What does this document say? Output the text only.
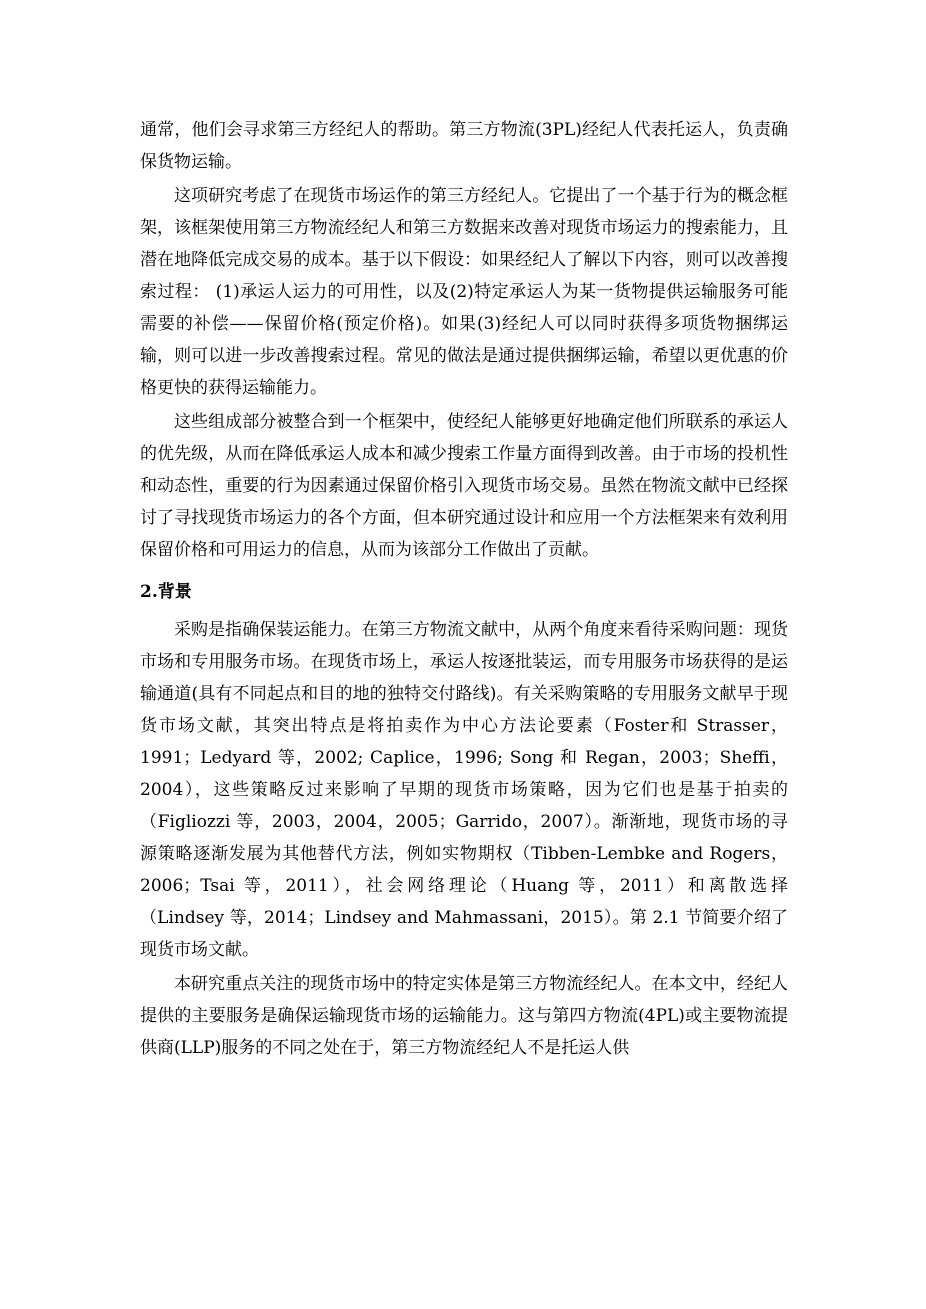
通常，他们会寻求第三方经纪人的帮助。第三方物流(3PL)经纪人代表托运人，负责确保货物运输。

这项研究考虑了在现货市场运作的第三方经纪人。它提出了一个基于行为的概念框架，该框架使用第三方物流经纪人和第三方数据来改善对现货市场运力的搜索能力，且潜在地降低完成交易的成本。基于以下假设：如果经纪人了解以下内容，则可以改善搜索过程： (1)承运人运力的可用性，以及(2)特定承运人为某一货物提供运输服务可能需要的补偿——保留价格(预定价格)。如果(3)经纪人可以同时获得多项货物捆绑运输，则可以进一步改善搜索过程。常见的做法是通过提供捆绑运输，希望以更优惠的价格更快的获得运输能力。

这些组成部分被整合到一个框架中，使经纪人能够更好地确定他们所联系的承运人的优先级，从而在降低承运人成本和减少搜索工作量方面得到改善。由于市场的投机性和动态性，重要的行为因素通过保留价格引入现货市场交易。虽然在物流文献中已经探讨了寻找现货市场运力的各个方面，但本研究通过设计和应用一个方法框架来有效利用保留价格和可用运力的信息，从而为该部分工作做出了贡献。

2.背景

采购是指确保装运能力。在第三方物流文献中，从两个角度来看待采购问题：现货市场和专用服务市场。在现货市场上，承运人按逐批装运，而专用服务市场获得的是运输通道(具有不同起点和目的地的独特交付路线)。有关采购策略的专用服务文献早于现货市场文献，其突出特点是将拍卖作为中心方法论要素（Foster和 Strasser，1991；Ledyard 等，2002; Caplice，1996; Song 和 Regan，2003；Sheffi，2004），这些策略反过来影响了早期的现货市场策略，因为它们也是基于拍卖的（Figliozzi 等，2003，2004，2005；Garrido，2007）。渐渐地，现货市场的寻源策略逐渐发展为其他替代方法，例如实物期权（Tibben-Lembke and Rogers，2006；Tsai 等，2011），社会网络理论（Huang 等，2011）和离散选择（Lindsey 等，2014；Lindsey and Mahmassani，2015）。第 2.1 节简要介绍了现货市场文献。

本研究重点关注的现货市场中的特定实体是第三方物流经纪人。在本文中，经纪人提供的主要服务是确保运输现货市场的运输能力。这与第四方物流(4PL)或主要物流提供商(LLP)服务的不同之处在于，第三方物流经纪人不是托运人供
